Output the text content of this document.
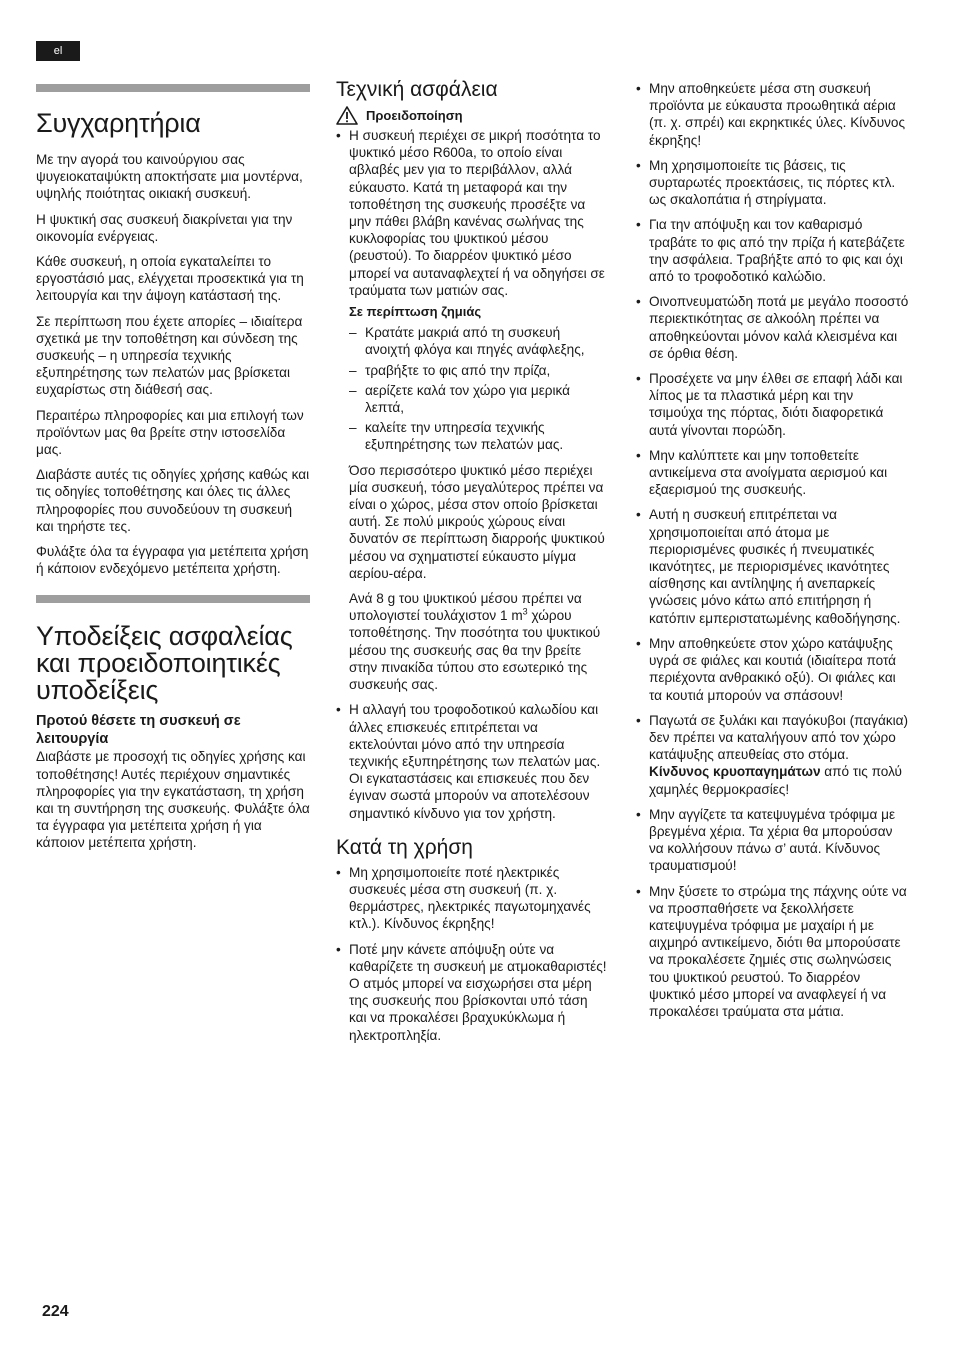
el
Συγχαρητήρια

Με την αγορά του καινούργιου σας ψυγειοκαταψύκτη αποκτήσατε μια μοντέρνα, υψηλής ποιότητας οικιακή συσκευή.

Η ψυκτική σας συσκευή διακρίνεται για την οικονομία ενέργειας.

Κάθε συσκευή, η οποία εγκαταλείπει το εργοστάσιό μας, ελέγχεται προσεκτικά για τη λειτουργία και την άψογη κατάστασή της.

Σε περίπτωση που έχετε απορίες – ιδιαίτερα σχετικά με την τοποθέτηση και σύνδεση της συσκευής – η υπηρεσία τεχνικής εξυπηρέτησης των πελατών μας βρίσκεται ευχαρίστως στη διάθεσή σας.

Περαιτέρω πληροφορίες και μια επιλογή των προϊόντων μας θα βρείτε στην ιστοσελίδα μας.

Διαβάστε αυτές τις οδηγίες χρήσης καθώς και τις οδηγίες τοποθέτησης και όλες τις άλλες πληροφορίες που συνοδεύουν τη συσκευή και τηρήστε τες.

Φυλάξτε όλα τα έγγραφα για μετέπειτα χρήση ή κάποιον ενδεχόμενο μετέπειτα χρήστη.

Υποδείξεις ασφαλείας και προειδοποιητικές υποδείξεις
Προτού θέσετε τη συσκευή σε λειτουργία

Διαβάστε με προσοχή τις οδηγίες χρήσης και τοποθέτησης! Αυτές περιέχουν σημαντικές πληροφορίες για την εγκατάσταση, τη χρήση και τη συντήρηση της συσκευής. Φυλάξτε όλα τα έγγραφα για μετέπειτα χρήση ή για κάποιον μετέπειτα χρήστη.

Τεχνική ασφάλεια
Προειδοποίηση
• Η συσκευή περιέχει σε μικρή ποσότητα το ψυκτικό μέσο R600a, το οποίο είναι αβλαβές μεν για το περιβάλλον, αλλά εύκαυστο. Κατά τη μεταφορά και την τοποθέτηση της συσκευής προσέξτε να μην πάθει βλάβη κανένας σωλήνας της κυκλοφορίας του ψυκτικού μέσου (ρευστού). Το διαρρέον ψυκτικό μέσο μπορεί να αυταναφλεχτεί ή να οδηγήσει σε τραύματα των ματιών σας.
Σε περίπτωση ζημιάς
– Κρατάτε μακριά από τη συσκευή ανοιχτή φλόγα και πηγές ανάφλεξης,
– τραβήξτε το φις από την πρίζα,
– αερίζετε καλά τον χώρο για μερικά λεπτά,
– καλείτε την υπηρεσία τεχνικής εξυπηρέτησης των πελατών μας.

Όσο περισσότερο ψυκτικό μέσο περιέχει μία συσκευή, τόσο μεγαλύτερος πρέπει να είναι ο χώρος, μέσα στον οποίο βρίσκεται αυτή. Σε πολύ μικρούς χώρους είναι δυνατόν σε περίπτωση διαρροής ψυκτικού μέσου να σχηματιστεί εύκαυστο μίγμα αερίου-αέρα.

Ανά 8 g του ψυκτικού μέσου πρέπει να υπολογιστεί τουλάχιστον 1 $m^3$ χώρου τοποθέτησης. Την ποσότητα του ψυκτικού μέσου της συσκευής σας θα την βρείτε στην πινακίδα τύπου στο εσωτερικό της συσκευής σας.

• Η αλλαγή του τροφοδοτικού καλωδίου και άλλες επισκευές επιτρέπεται να εκτελούνται μόνο από την υπηρεσία τεχνικής εξυπηρέτησης των πελατών μας. Οι εγκαταστάσεις και επισκευές που δεν έγιναν σωστά μπορούν να αποτελέσουν σημαντικό κίνδυνο για τον χρήστη.
Κατά τη χρήση
• Μη χρησιμοποιείτε ποτέ ηλεκτρικές συσκευές μέσα στη συσκευή (π. χ. θερμάστρες, ηλεκτρικές παγωτομηχανές κτλ.). Κίνδυνος έκρηξης!
• Ποτέ μην κάνετε απόψυξη ούτε να καθαρίζετε τη συσκευή με ατμοκαθαριστές! Ο ατμός μπορεί να εισχωρήσει στα μέρη της συσκευής που βρίσκονται υπό τάση και να προκαλέσει βραχυκύκλωμα ή ηλεκτροπληξία.
• Μην αποθηκεύετε μέσα στη συσκευή προϊόντα με εύκαυστα προωθητικά αέρια (π. χ. σπρέι) και εκρηκτικές ύλες. Κίνδυνος έκρηξης!
• Μη χρησιμοποιείτε τις βάσεις, τις συρταρωτές προεκτάσεις, τις πόρτες κτλ. ως σκαλοπάτια ή στηρίγματα.
• Για την απόψυξη και τον καθαρισμό τραβάτε το φις από την πρίζα ή κατεβάζετε την ασφάλεια. Τραβήξτε από το φις και όχι από το τροφοδοτικό καλώδιο.
• Οινοπνευματώδη ποτά με μεγάλο ποσοστό περιεκτικότητας σε αλκοόλη πρέπει να αποθηκεύονται μόνον καλά κλεισμένα και σε όρθια θέση.
• Προσέχετε να μην έλθει σε επαφή λάδι και λίπος με τα πλαστικά μέρη και την τσιμούχα της πόρτας, διότι διαφορετικά αυτά γίνονται πορώδη.
• Μην καλύπτετε και μην τοποθετείτε αντικείμενα στα ανοίγματα αερισμού και εξαερισμού της συσκευής.
• Αυτή η συσκευή επιτρέπεται να χρησιμοποιείται από άτομα με περιορισμένες φυσικές ή πνευματικές ικανότητες, με περιορισμένες ικανότητες αίσθησης και αντίληψης ή ανεπαρκείς γνώσεις μόνο κάτω από επιτήρηση ή κατόπιν εμπεριστατωμένης καθοδήγησης.
• Μην αποθηκεύετε στον χώρο κατάψυξης υγρά σε φιάλες και κουτιά (ιδιαίτερα ποτά περιέχοντα ανθρακικό οξύ). Οι φιάλες και τα κουτιά μπορούν να σπάσουν!
• Παγωτά σε ξυλάκι και παγόκυβοι (παγάκια) δεν πρέπει να καταλήγουν από τον χώρο κατάψυξης απευθείας στο στόμα.
Κίνδυνος κρυοπαγημάτων από τις πολύ χαμηλές θερμοκρασίες!
• Μην αγγίζετε τα κατεψυγμένα τρόφιμα με βρεγμένα χέρια. Τα χέρια θα μπορούσαν να κολλήσουν πάνω σ’ αυτά. Κίνδυνος τραυματισμού!
• Μην ξύσετε το στρώμα της πάχνης ούτε να να προσπαθήσετε να ξεκολλήσετε κατεψυγμένα τρόφιμα με μαχαίρι ή με αιχμηρό αντικείμενο, διότι θα μπορούσατε να προκαλέσετε ζημιές στις σωληνώσεις του ψυκτικού ρευστού. Το διαρρέον ψυκτικό μέσο μπορεί να αναφλεγεί ή να προκαλέσει τραύματα στα μάτια.
224
